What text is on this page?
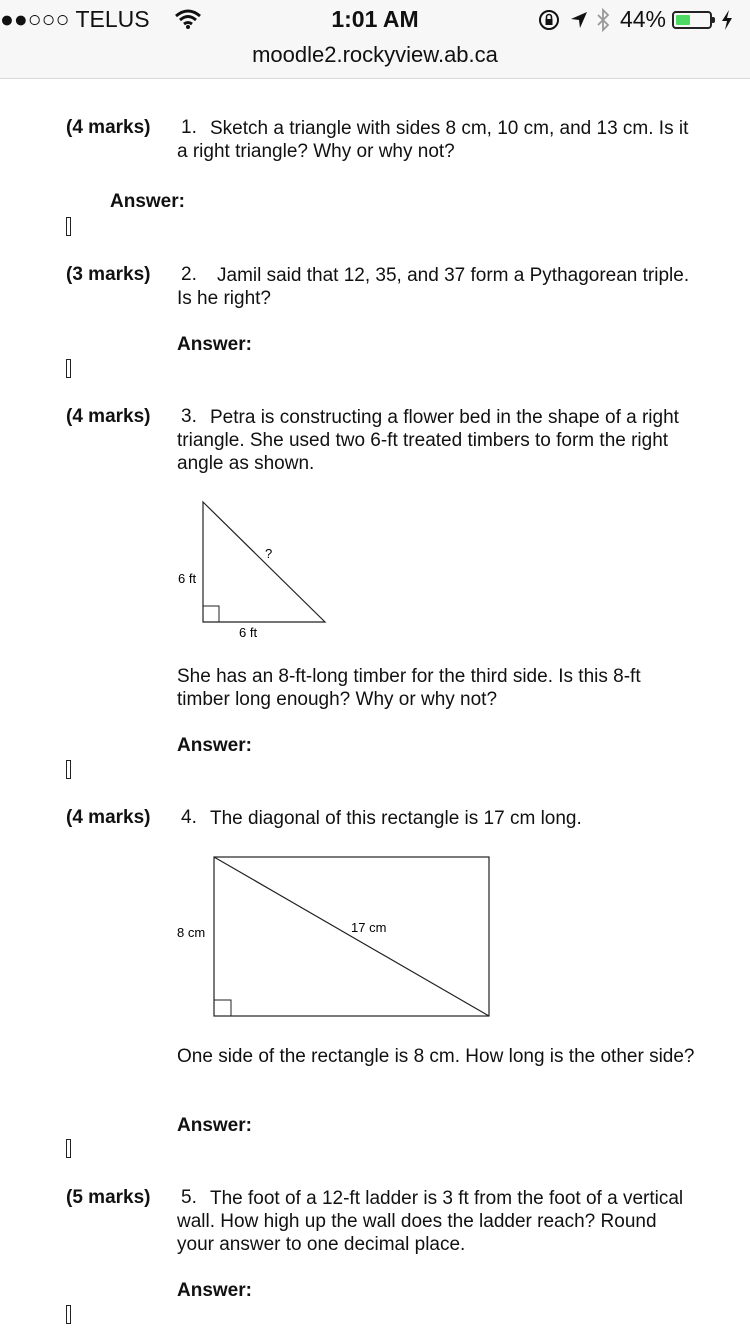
●●○○○ TELUS	1:01 AM	44%
moodle2.rockyview.ab.ca
(4 marks) 1. Sketch a triangle with sides 8 cm, 10 cm, and 13 cm. Is it a right triangle? Why or why not?
Answer:
(3 marks) 2.	Jamil said that 12, 35, and 37 form a Pythagorean triple. Is he right?
Answer:
(4 marks) 3. Petra is constructing a flower bed in the shape of a right triangle. She used two 6-ft treated timbers to form the right angle as shown.
6 ft
6 ft
?
She has an 8-ft-long timber for the third side. Is this 8-ft timber long enough? Why or why not?
Answer:
(4 marks) 4. The diagonal of this rectangle is 17 cm long.
8 cm	17 cm
One side of the rectangle is 8 cm. How long is the other side?
Answer:
(5 marks) 5. The foot of a 12-ft ladder is 3 ft from the foot of a vertical wall. How high up the wall does the ladder reach? Round your answer to one decimal place.
Answer:
